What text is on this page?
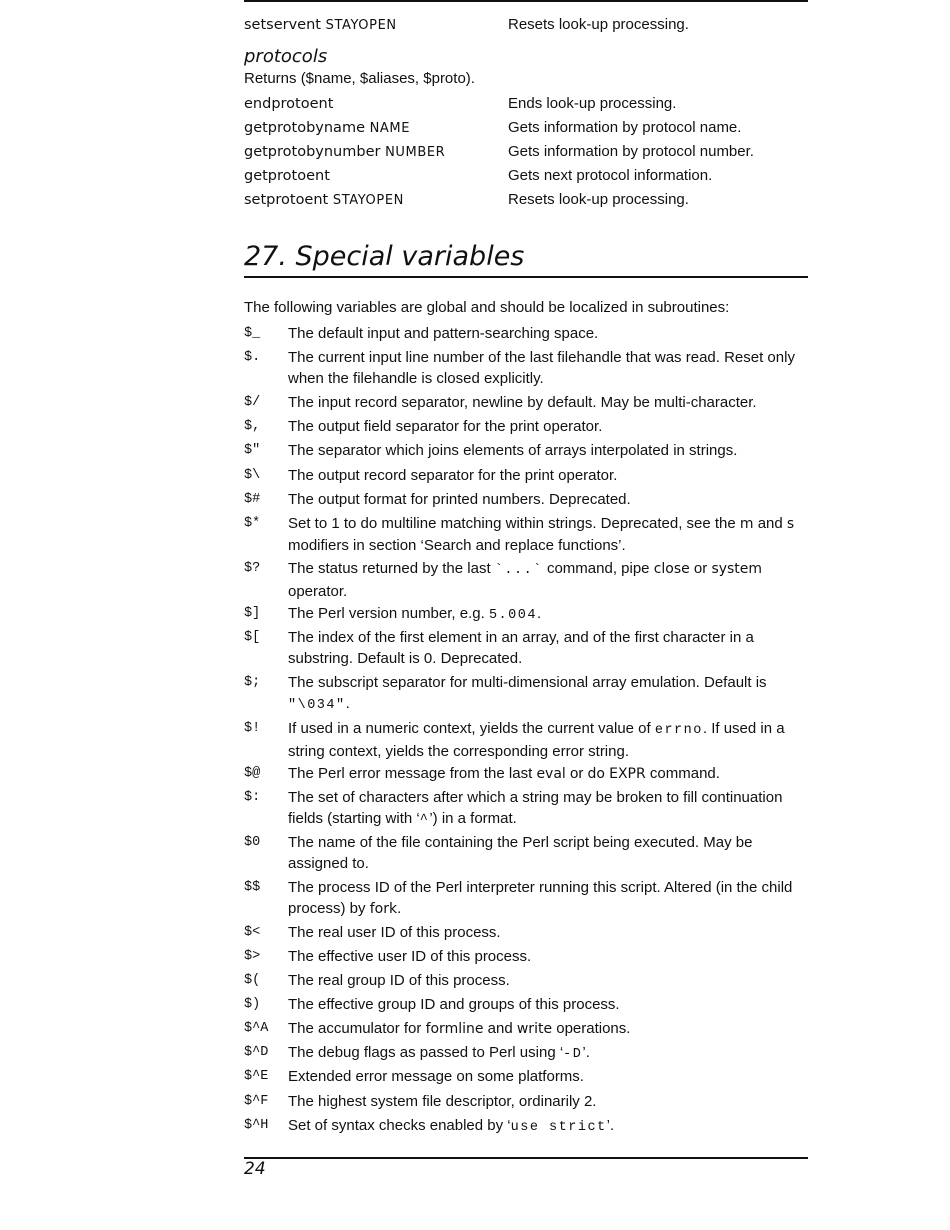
setservent STAYOPEN	Resets look-up processing.
protocols
Returns ($name, $aliases, $proto).
endprotoent	Ends look-up processing.
getprotobyname NAME	Gets information by protocol name.
getprotobynumber NUMBER	Gets information by protocol number.
getprotoent	Gets next protocol information.
setprotoent STAYOPEN	Resets look-up processing.
27. Special variables
The following variables are global and should be localized in subroutines:
$_	The default input and pattern-searching space.
$.	The current input line number of the last filehandle that was read. Reset only when the filehandle is closed explicitly.
$/	The input record separator, newline by default. May be multi-character.
$,	The output field separator for the print operator.
$"	The separator which joins elements of arrays interpolated in strings.
$\	The output record separator for the print operator.
$#	The output format for printed numbers. Deprecated.
$*	Set to 1 to do multiline matching within strings. Deprecated, see the m and s modifiers in section ‘Search and replace functions’.
$?	The status returned by the last `...` command, pipe close or system operator.
$]	The Perl version number, e.g. 5.004.
$[	The index of the first element in an array, and of the first character in a substring. Default is 0. Deprecated.
$;	The subscript separator for multi-dimensional array emulation. Default is "\034".
$!	If used in a numeric context, yields the current value of errno. If used in a string context, yields the corresponding error string.
$@	The Perl error message from the last eval or do EXPR command.
$:	The set of characters after which a string may be broken to fill continuation fields (starting with ‘^’) in a format.
$0	The name of the file containing the Perl script being executed. May be assigned to.
$$	The process ID of the Perl interpreter running this script. Altered (in the child process) by fork.
$<	The real user ID of this process.
$>	The effective user ID of this process.
$(	The real group ID of this process.
$)	The effective group ID and groups of this process.
$^A	The accumulator for formline and write operations.
$^D	The debug flags as passed to Perl using ‘-D’.
$^E	Extended error message on some platforms.
$^F	The highest system file descriptor, ordinarily 2.
$^H	Set of syntax checks enabled by ‘use strict’.
24
